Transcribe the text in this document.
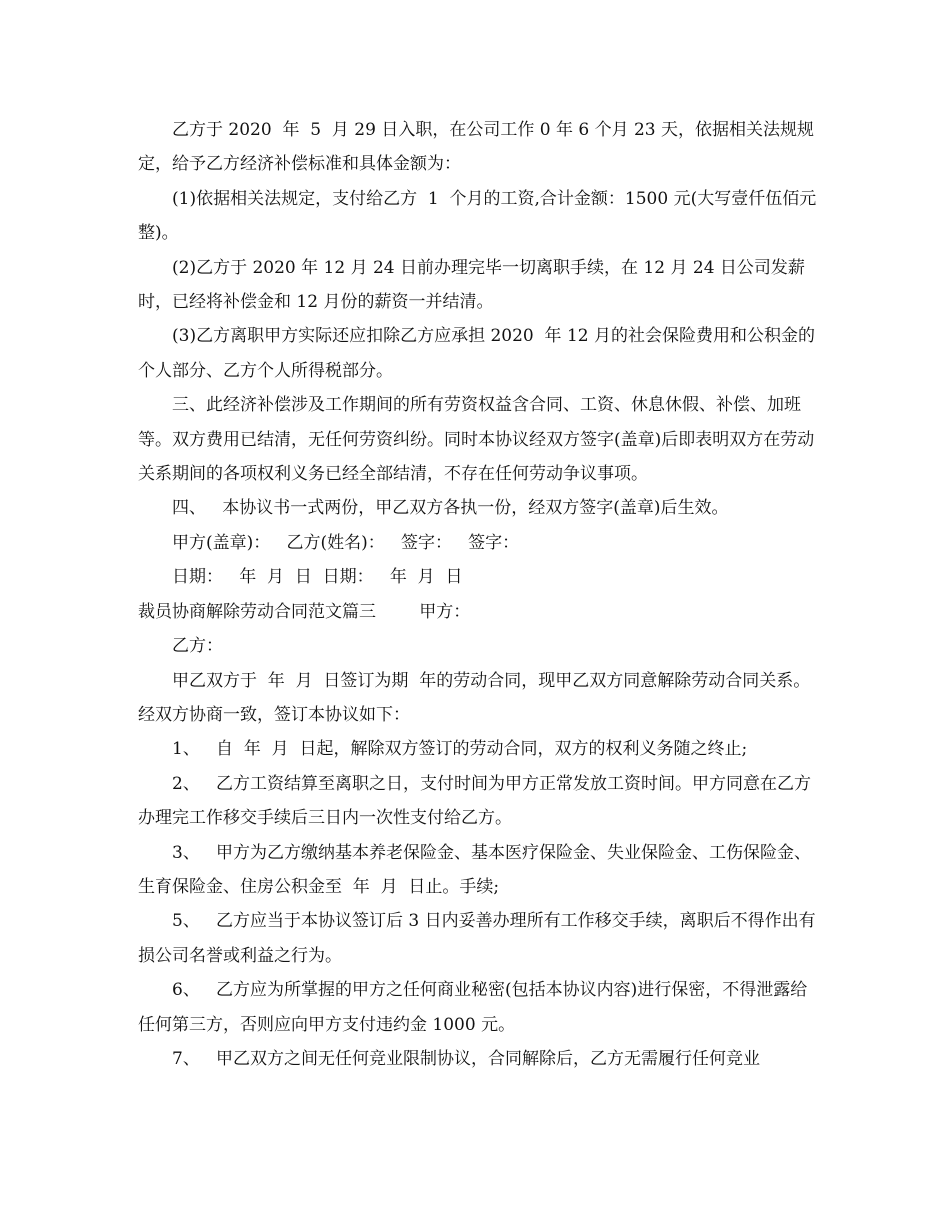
乙方于 2020  年  5  月 29 日入职，在公司工作 0 年 6 个月 23 天，依据相关法规规定，给予乙方经济补偿标准和具体金额为：

(1)依据相关法规定，支付给乙方  1  个月的工资,合计金额：1500 元(大写壹仟伍佰元整)。

(2)乙方于 2020 年 12 月 24 日前办理完毕一切离职手续，在 12 月 24 日公司发薪时，已经将补偿金和 12 月份的薪资一并结清。

(3)乙方离职甲方实际还应扣除乙方应承担 2020  年 12 月的社会保险费用和公积金的个人部分、乙方个人所得税部分。

三、此经济补偿涉及工作期间的所有劳资权益含合同、工资、休息休假、补偿、加班等。双方费用已结清，无任何劳资纠纷。同时本协议经双方签字(盖章)后即表明双方在劳动关系期间的各项权利义务已经全部结清，不存在任何劳动争议事项。

四、   本协议书一式两份，甲乙双方各执一份，经双方签字(盖章)后生效。

甲方(盖章)：   乙方(姓名)：   签字：   签字：

日期：   年  月  日  日期：   年  月  日

裁员协商解除劳动合同范文篇三        甲方：

乙方：

甲乙双方于  年  月  日签订为期  年的劳动合同，现甲乙双方同意解除劳动合同关系。经双方协商一致，签订本协议如下：

1、   自  年  月  日起，解除双方签订的劳动合同，双方的权利义务随之终止;

2、   乙方工资结算至离职之日，支付时间为甲方正常发放工资时间。甲方同意在乙方办理完工作移交手续后三日内一次性支付给乙方。

3、   甲方为乙方缴纳基本养老保险金、基本医疗保险金、失业保险金、工伤保险金、生育保险金、住房公积金至  年  月  日止。手续;

5、   乙方应当于本协议签订后 3 日内妥善办理所有工作移交手续，离职后不得作出有损公司名誉或利益之行为。

6、   乙方应为所掌握的甲方之任何商业秘密(包括本协议内容)进行保密，不得泄露给任何第三方，否则应向甲方支付违约金 1000 元。

7、   甲乙双方之间无任何竞业限制协议，合同解除后，乙方无需履行任何竞业
